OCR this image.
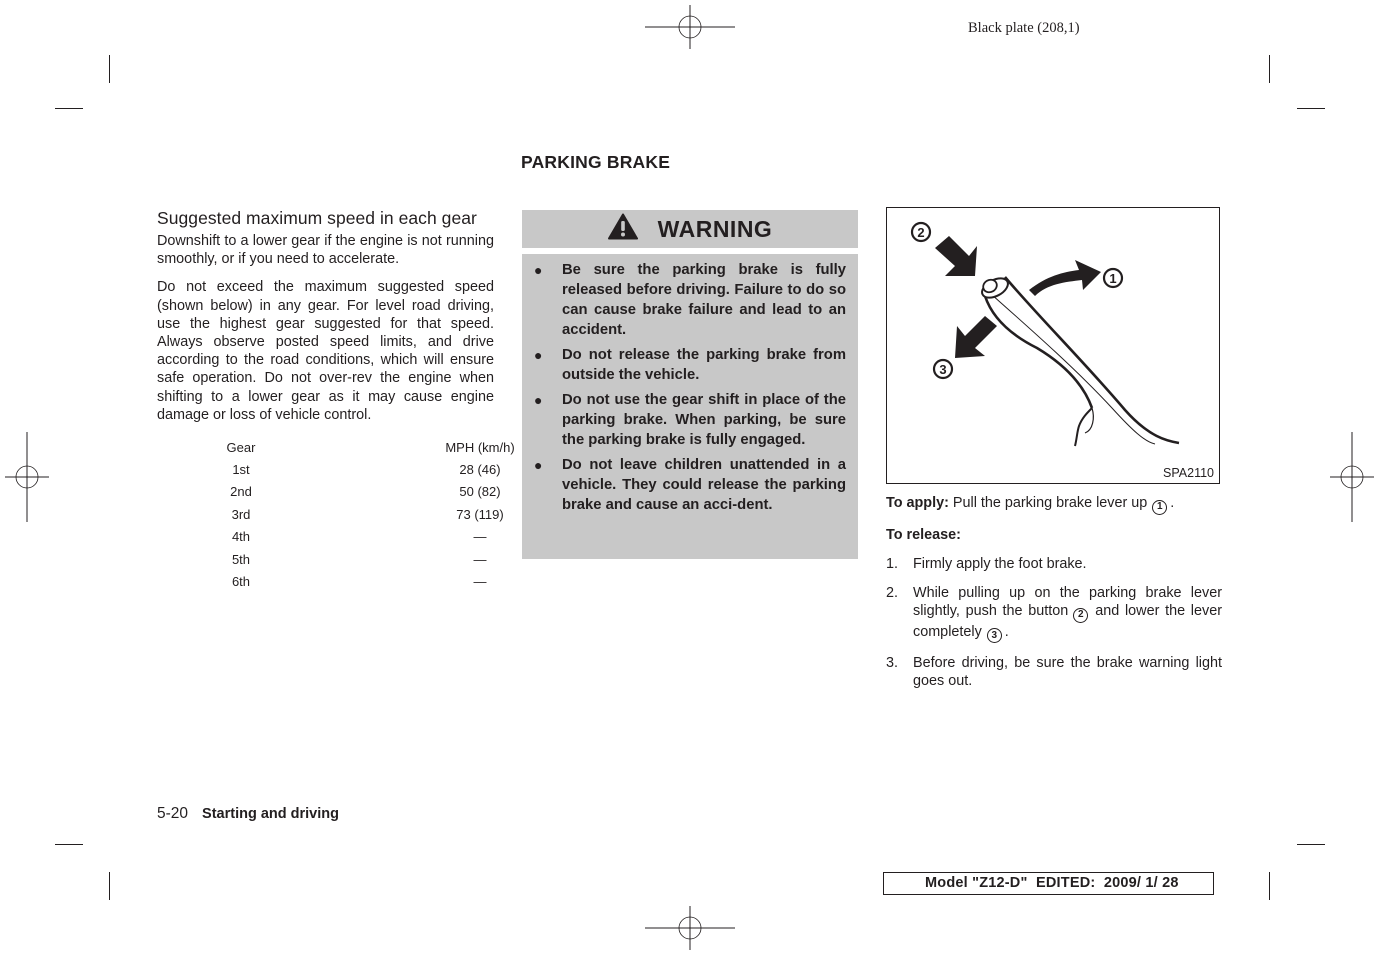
Black plate (208,1)
Suggested maximum speed in each gear

Downshift to a lower gear if the engine is not running smoothly, or if you need to accelerate.

Do not exceed the maximum suggested speed (shown below) in any gear. For level road driving, use the highest gear suggested for that speed. Always observe posted speed limits, and drive according to the road conditions, which will ensure safe operation. Do not over-rev the engine when shifting to a lower gear as it may cause engine damage or loss of vehicle control.

Gear	MPH (km/h)
1st	28 (46)
2nd	50 (82)
3rd	73 (119)
4th	—
5th	—
6th	—
PARKING BRAKE
WARNING
●	Be sure the parking brake is fully released before driving. Failure to do so can cause brake failure and lead to an accident.
●	Do not release the parking brake from outside the vehicle.
●	Do not use the gear shift in place of the parking brake. When parking, be sure the parking brake is fully engaged.
●	Do not leave children unattended in a vehicle. They could release the parking brake and cause an acci-dent.
2
1
3
SPA2110

To apply: Pull the parking brake lever up 1 .

To release:

1.	Firmly apply the foot brake.
2.	While pulling up on the parking brake lever slightly, push the button 2 and lower the lever completely 3 .
3.	Before driving, be sure the brake warning light goes out.
5-20 Starting and driving
Model "Z12-D"  EDITED:  2009/ 1/ 28
